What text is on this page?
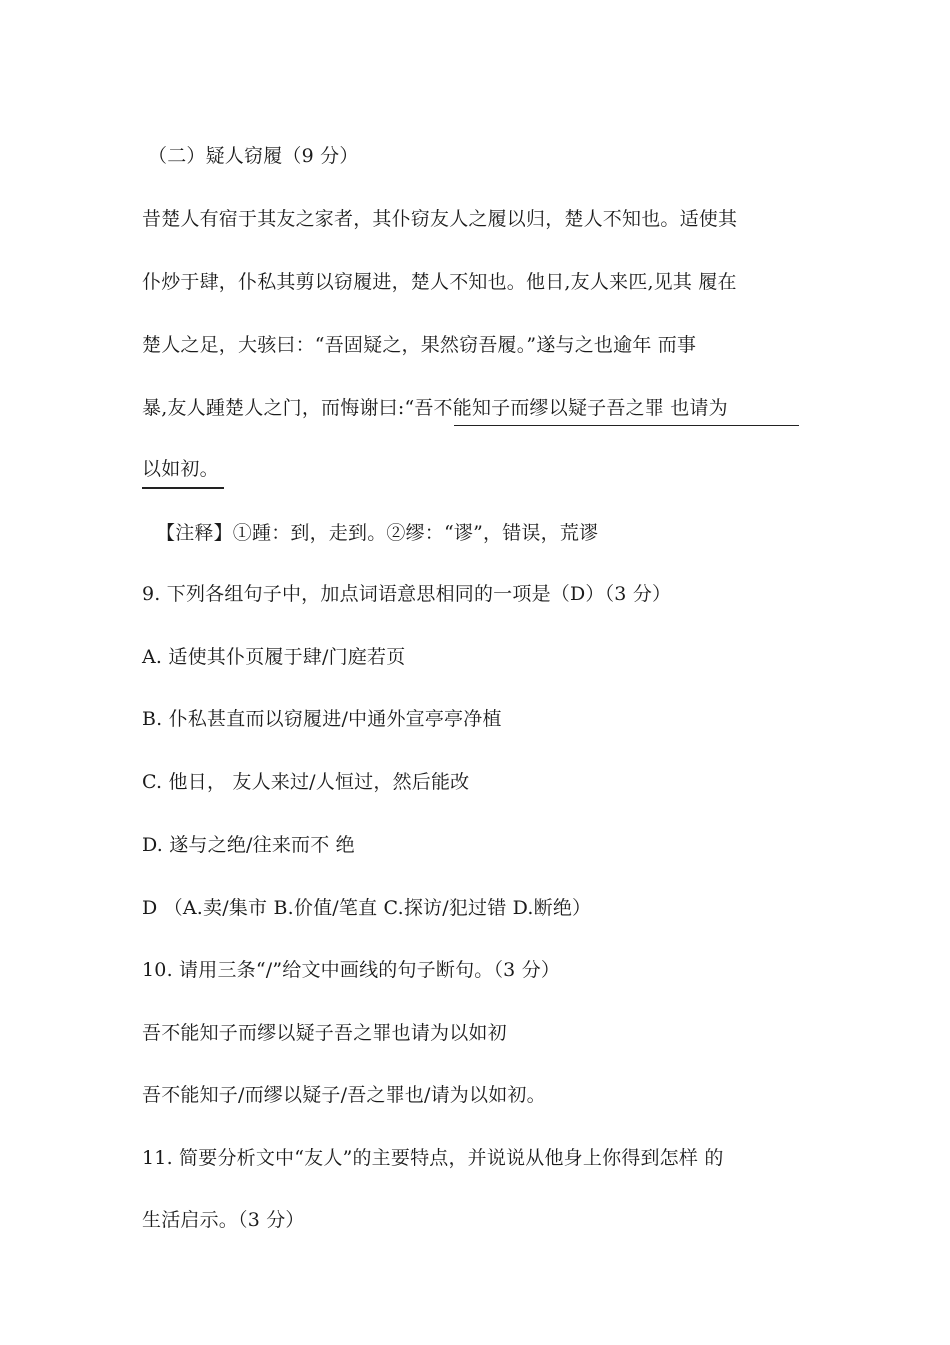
（二）疑人窃履（9 分）
昔楚人有宿于其友之家者，其仆窃友人之履以归，楚人不知也。适使其
仆炒于肆，仆私其剪以窃履进，楚人不知也。他日,友人来匹,见其 履在
楚人之足，大骇曰：“吾固疑之，果然窃吾履。”遂与之也逾年 而事
暴,友人踵楚人之门，而悔谢曰:“吾不能知子而缪以疑子吾之罪 也请为
以如初。
【注释】①踵：到，走到。②缪：“谬”，错误，荒谬
9. 下列各组句子中，加点词语意思相同的一项是（D）（3 分）
A. 适使其仆页履于肆/门庭若页
B. 仆私甚直而以窃履进/中通外宣亭亭净植
C. 他日， 友人来过/人恒过，然后能改
D. 遂与之绝/往来而不 绝
D （A.卖/集市 B.价值/笔直 C.探访/犯过错 D.断绝）
10. 请用三条“/”给文中画线的句子断句。（3 分）
吾不能知子而缪以疑子吾之罪也请为以如初
吾不能知子/而缪以疑子/吾之罪也/请为以如初。
11. 简要分析文中“友人”的主要特点，并说说从他身上你得到怎样 的
生活启示。（3 分）
